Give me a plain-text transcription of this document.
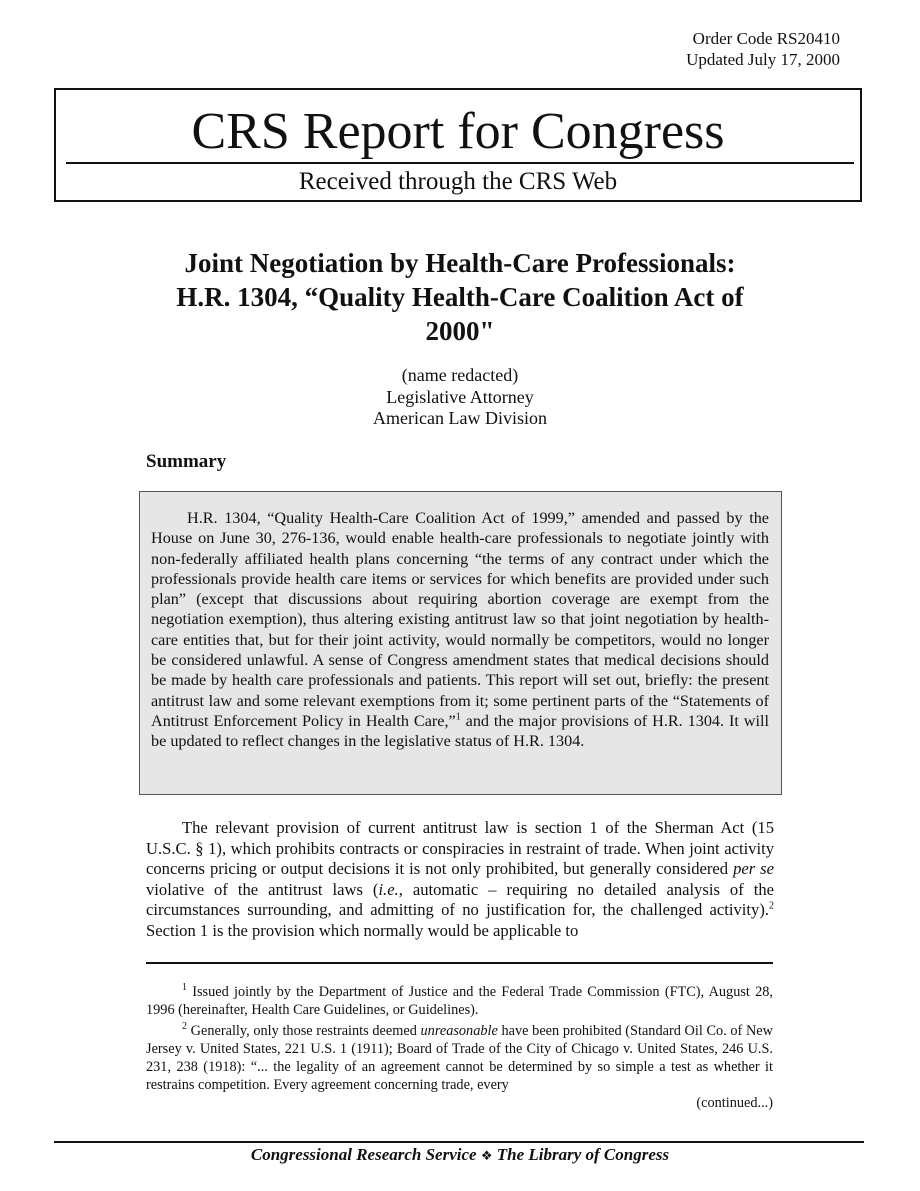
Order Code RS20410
Updated July 17, 2000
CRS Report for Congress
Received through the CRS Web
Joint Negotiation by Health-Care Professionals:
H.R. 1304, “Quality Health-Care Coalition Act of
2000"
(name redacted)
Legislative Attorney
American Law Division
Summary

H.R. 1304, “Quality Health-Care Coalition Act of 1999,” amended and passed by the House on June 30, 276-136, would enable health-care professionals to negotiate jointly with non-federally affiliated health plans concerning “the terms of any contract under which the professionals provide health care items or services for which benefits are provided under such plan” (except that discussions about requiring abortion coverage are exempt from the negotiation exemption), thus altering existing antitrust law so that joint negotiation by health-care entities that, but for their joint activity, would normally be competitors, would no longer be considered unlawful. A sense of Congress amendment states that medical decisions should be made by health care professionals and patients. This report will set out, briefly: the present antitrust law and some relevant exemptions from it; some pertinent parts of the “Statements of Antitrust Enforcement Policy in Health Care,”$^1$ and the major provisions of H.R. 1304. It will be updated to reflect changes in the legislative status of H.R. 1304.

The relevant provision of current antitrust law is section 1 of the Sherman Act (15 U.S.C. § 1), which prohibits contracts or conspiracies in restraint of trade. When joint activity concerns pricing or output decisions it is not only prohibited, but generally considered per se violative of the antitrust laws (i.e., automatic – requiring no detailed analysis of the circumstances surrounding, and admitting of no justification for, the challenged activity).$^2$ Section 1 is the provision which normally would be applicable to

$^1$ Issued jointly by the Department of Justice and the Federal Trade Commission (FTC), August 28, 1996 (hereinafter, Health Care Guidelines, or Guidelines).

$^2$ Generally, only those restraints deemed unreasonable have been prohibited (Standard Oil Co. of New Jersey v. United States, 221 U.S. 1 (1911); Board of Trade of the City of Chicago v. United States, 246 U.S. 231, 238 (1918): “... the legality of an agreement cannot be determined by so simple a test as whether it restrains competition. Every agreement concerning trade, every
(continued...)

Congressional Research Service ❖ The Library of Congress
